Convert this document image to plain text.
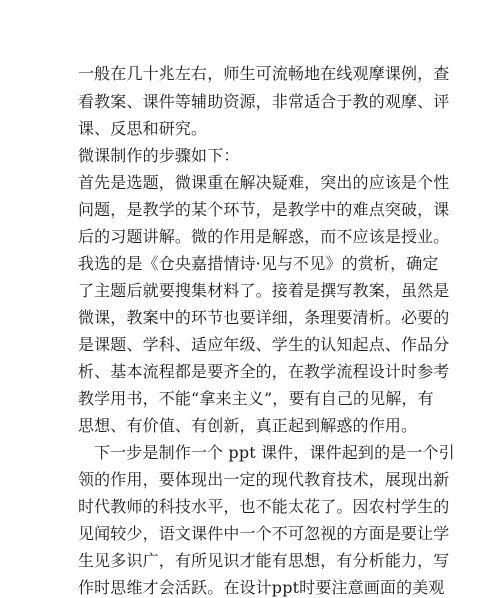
一般在几十兆左右，师生可流畅地在线观摩课例，查
看教案、课件等辅助资源，非常适合于教的观摩、评
课、反思和研究。
微课制作的步骤如下：
首先是选题，微课重在解决疑难，突出的应该是个性
问题，是教学的某个环节，是教学中的难点突破，课
后的习题讲解。微的作用是解惑，而不应该是授业。
我选的是《仓央嘉措情诗·见与不见》的赏析，确定
了主题后就要搜集材料了。接着是撰写教案，虽然是
微课，教案中的环节也要详细，条理要清析。必要的
是课题、学科、适应年级、学生的认知起点、作品分
析、基本流程都是要齐全的，在教学流程设计时参考
教学用书，不能“拿来主义”，要有自己的见解，有
思想、有价值、有创新，真正起到解惑的作用。
下一步是制作一个 ppt 课件，课件起到的是一个引
领的作用，要体现出一定的现代教育技术，展现出新
时代教师的科技水平，也不能太花了。因农村学生的
见闻较少，语文课件中一个不可忽视的方面是要让学
生见多识广，有所见识才能有思想，有分析能力，写
作时思维才会活跃。在设计ppt时要注意画面的美观
